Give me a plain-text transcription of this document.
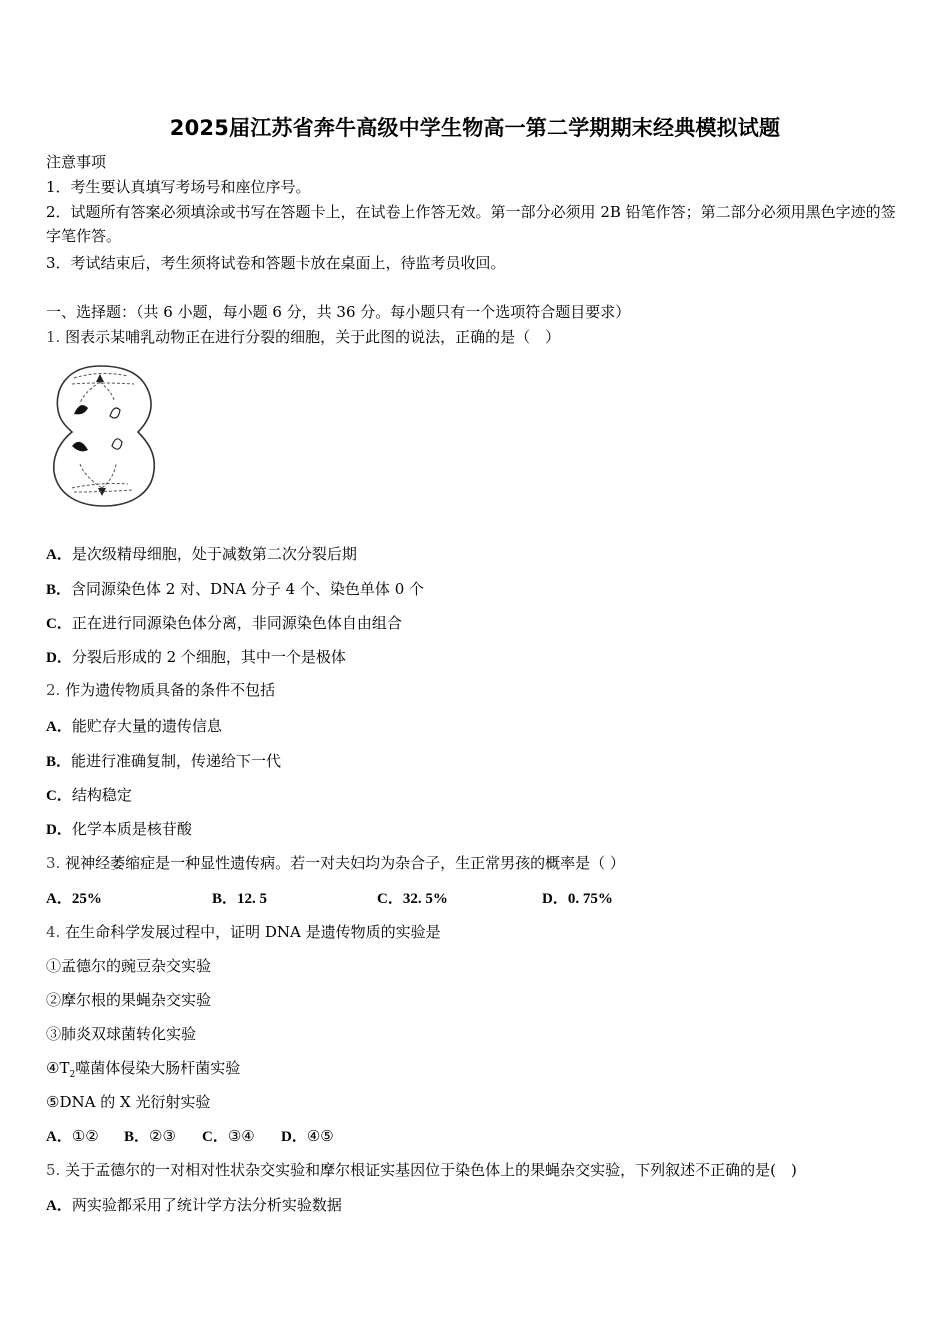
2025届江苏省奔牛高级中学生物高一第二学期期末经典模拟试题
注意事项
1．考生要认真填写考场号和座位序号。
2．试题所有答案必须填涂或书写在答题卡上，在试卷上作答无效。第一部分必须用 2B 铅笔作答；第二部分必须用黑色字迹的签字笔作答。
3．考试结束后，考生须将试卷和答题卡放在桌面上，待监考员收回。
一、选择题：（共 6 小题，每小题 6 分，共 36 分。每小题只有一个选项符合题目要求）
1. 图表示某哺乳动物正在进行分裂的细胞，关于此图的说法，正确的是（　）
A．是次级精母细胞，处于减数第二次分裂后期
B．含同源染色体 2 对、DNA 分子 4 个、染色单体 0 个
C．正在进行同源染色体分离，非同源染色体自由组合
D．分裂后形成的 2 个细胞，其中一个是极体
2. 作为遗传物质具备的条件不包括
A．能贮存大量的遗传信息
B．能进行准确复制，传递给下一代
C．结构稳定
D．化学本质是核苷酸
3. 视神经萎缩症是一种显性遗传病。若一对夫妇均为杂合子，生正常男孩的概率是（ ）
A．25%	B．12. 5	C．32. 5%	D．0. 75%
4. 在生命科学发展过程中，证明 DNA 是遗传物质的实验是
①孟德尔的豌豆杂交实验
②摩尔根的果蝇杂交实验
③肺炎双球菌转化实验
$④T_2$噬菌体侵染大肠杆菌实验
⑤DNA 的 X 光衍射实验
A．①② B．②③ C．③④ D．④⑤
5. 关于孟德尔的一对相对性状杂交实验和摩尔根证实基因位于染色体上的果蝇杂交实验，下列叙述不正确的是(　)
A．两实验都采用了统计学方法分析实验数据
